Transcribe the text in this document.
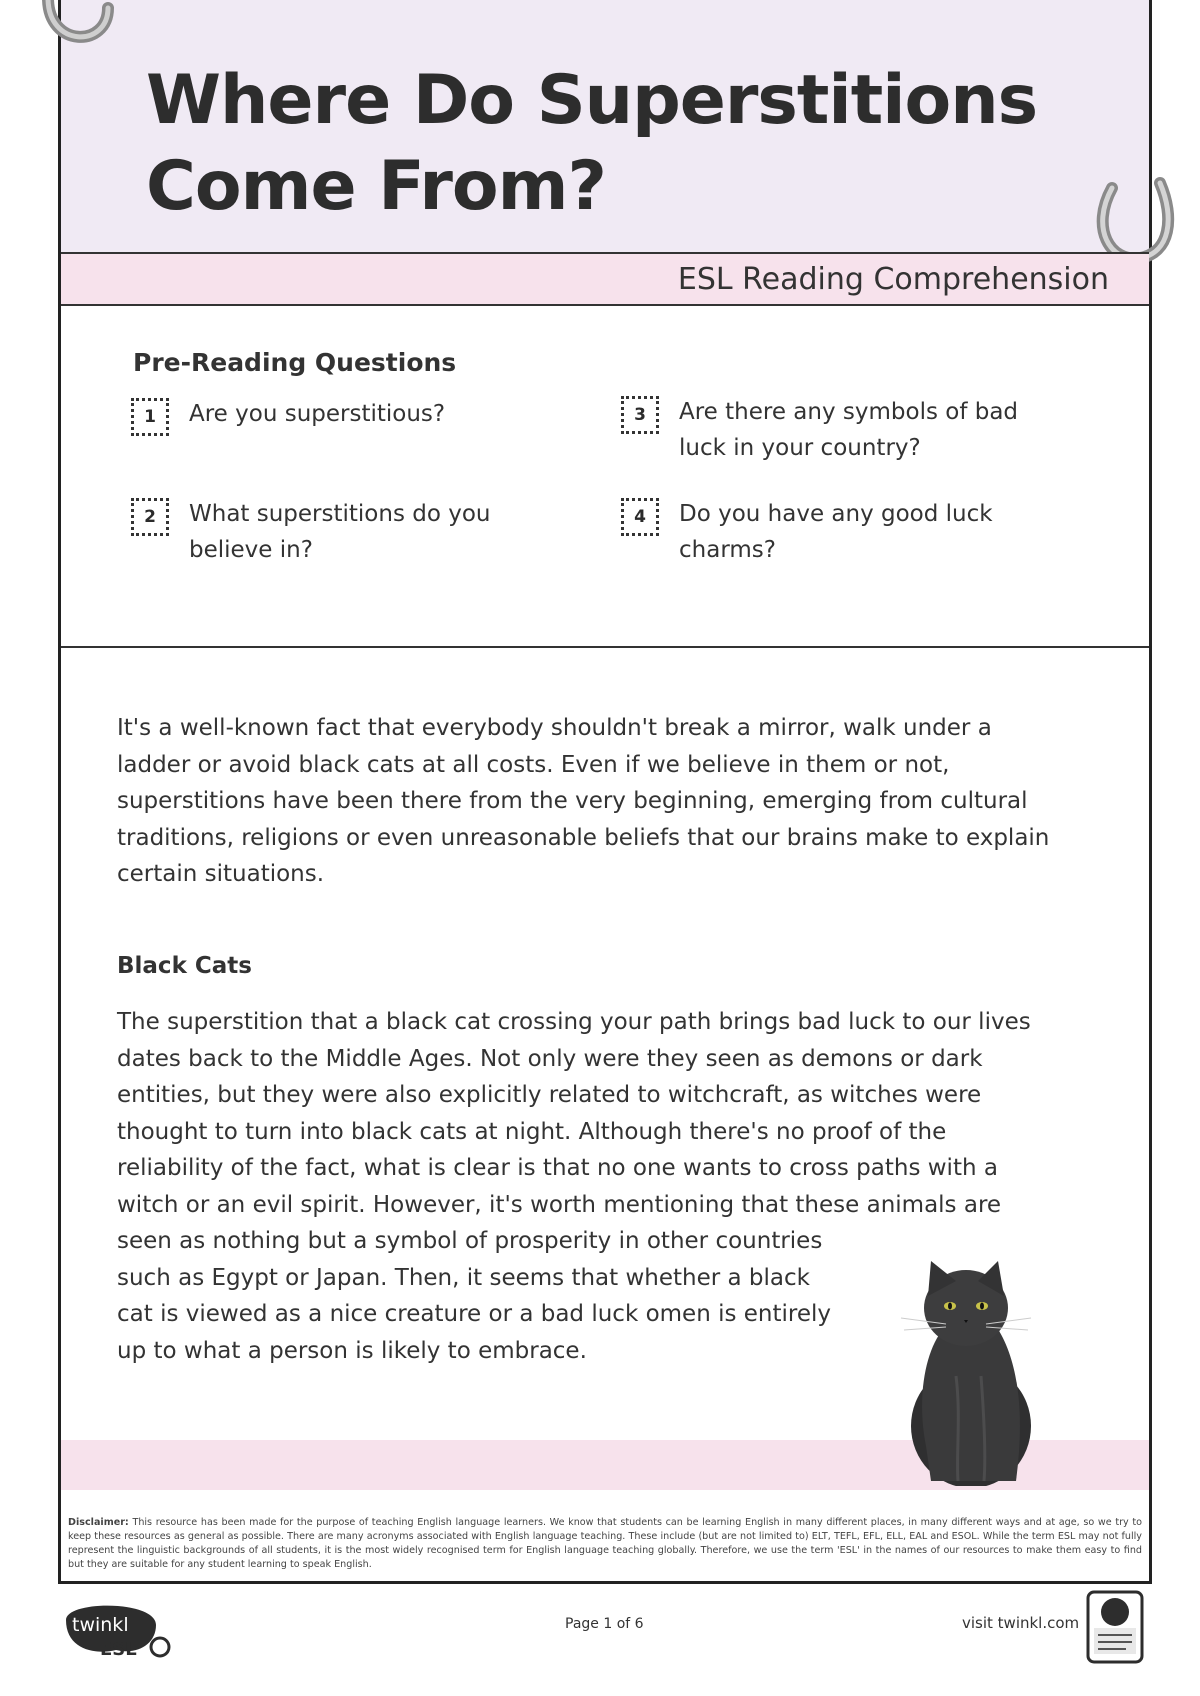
Where Do Superstitions
Come From?
ESL Reading Comprehension
Pre-Reading Questions
1	Are you superstitious?
2	What superstitions do you believe in?
3	Are there any symbols of bad luck in your country?
4	Do you have any good luck charms?
It's a well-known fact that everybody shouldn't break a mirror, walk under a ladder or avoid black cats at all costs. Even if we believe in them or not, superstitions have been there from the very beginning, emerging from cultural traditions, religions or even unreasonable beliefs that our brains make to explain certain situations.
Black Cats
The superstition that a black cat crossing your path brings bad luck to our lives dates back to the Middle Ages. Not only were they seen as demons or dark entities, but they were also explicitly related to witchcraft, as witches were thought to turn into black cats at night. Although there's no proof of the reliability of the fact, what is clear is that no one wants to cross paths with a witch or an evil spirit. However, it's worth mentioning that these animals are
seen as nothing but a symbol of prosperity in other countries such as Egypt or Japan. Then, it seems that whether a black cat is viewed as a nice creature or a bad luck omen is entirely up to what a person is likely to embrace.
Disclaimer: This resource has been made for the purpose of teaching English language learners. We know that students can be learning English in many different places, in many different ways and at age, so we try to keep these resources as general as possible. There are many acronyms associated with English language teaching. These include (but are not limited to) ELT, TEFL, EFL, ELL, EAL and ESOL. While the term ESL may not fully represent the linguistic backgrounds of all students, it is the most widely recognised term for English language teaching globally. Therefore, we use the term 'ESL' in the names of our resources to make them easy to find but they are suitable for any student learning to speak English.
twinkl
ESL
Page 1 of 6	visit twinkl.com
